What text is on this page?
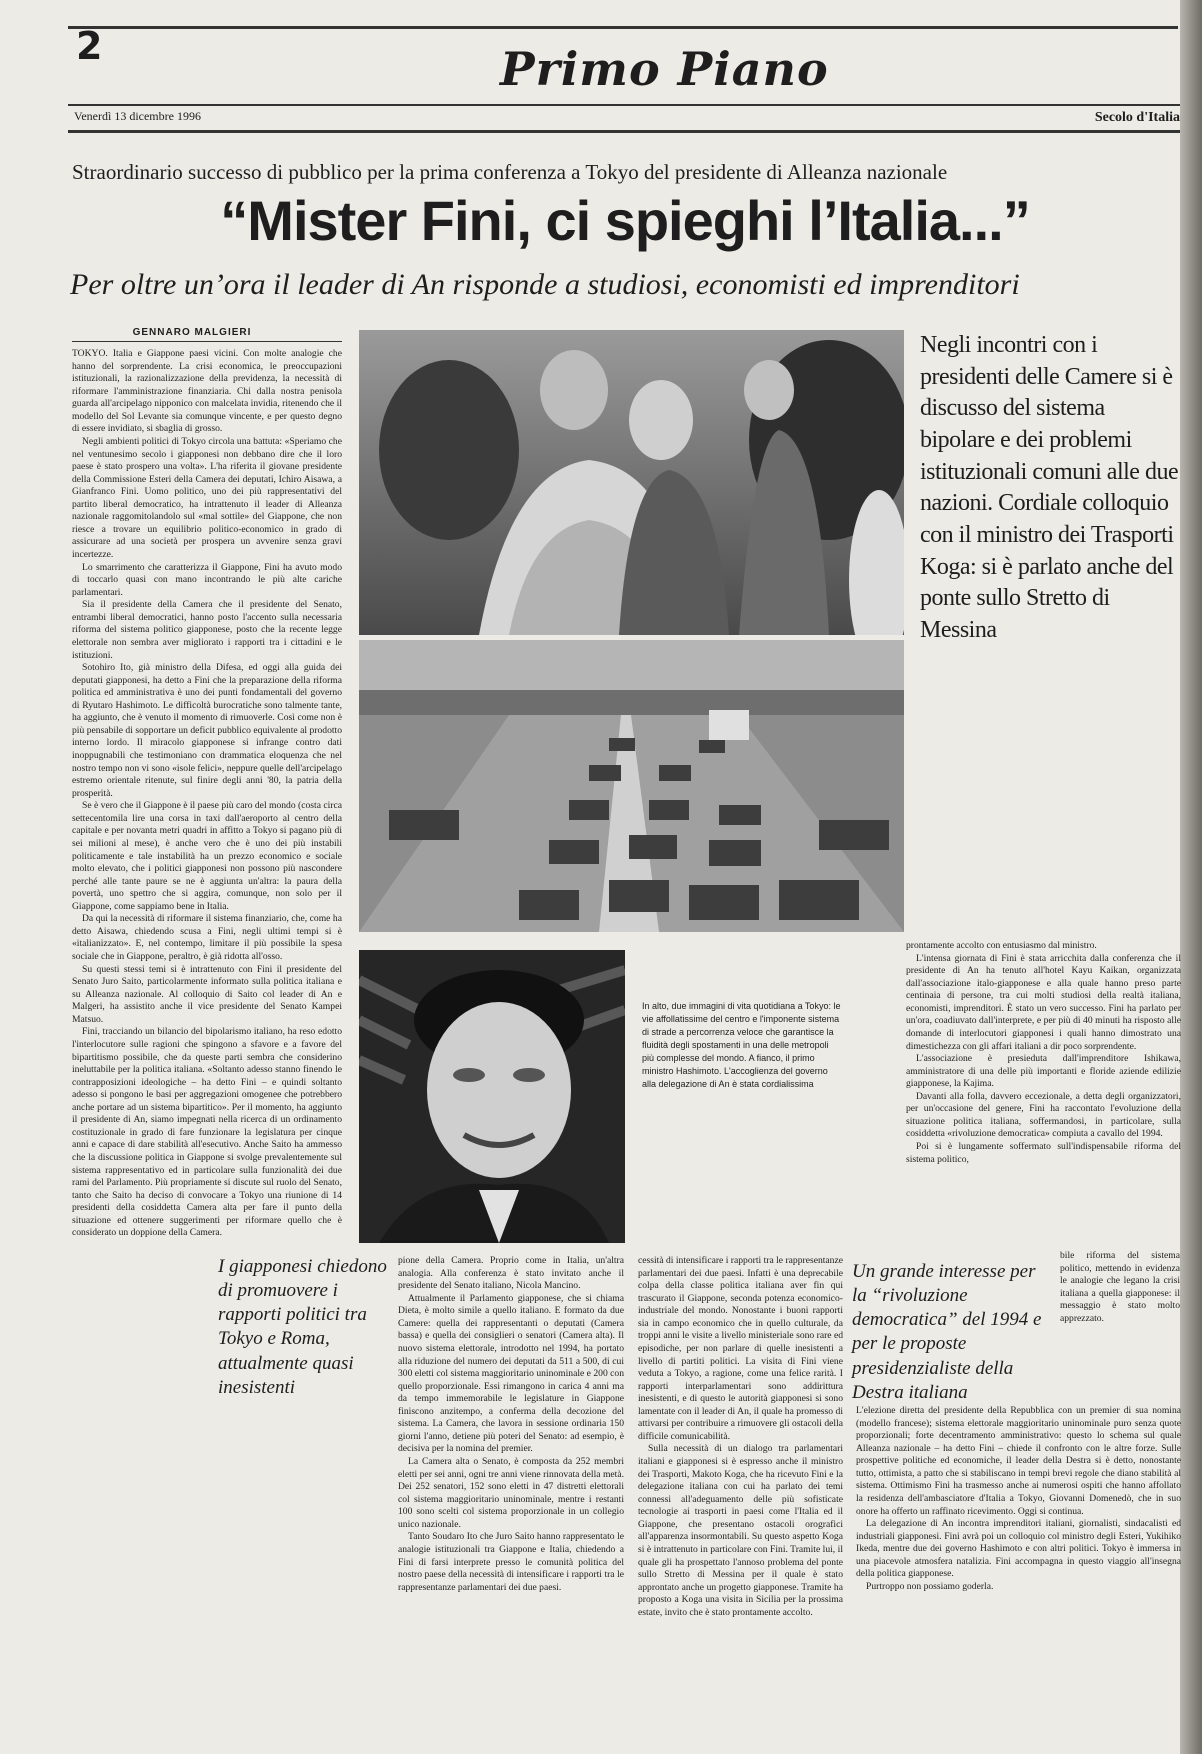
2	Primo Piano
Venerdì 13 dicembre 1996	Secolo d'Italia
Straordinario successo di pubblico per la prima conferenza a Tokyo del presidente di Alleanza nazionale
“Mister Fini, ci spieghi l’Italia...”
Per oltre un’ora il leader di An risponde a studiosi, economisti ed imprenditori
GENNARO MALGIERI

TOKYO. Italia e Giappone paesi vicini. Con molte analogie che hanno del sorprendente. La crisi economica, le preoccupazioni istituzionali, la razionalizzazione della previdenza, la necessità di riformare l'amministrazione finanziaria. Chi dalla nostra penisola guarda all'arcipelago nipponico con malcelata invidia, ritenendo che il modello del Sol Levante sia comunque vincente, e per questo degno di essere invidiato, si sbaglia di grosso.

Negli ambienti politici di Tokyo circola una battuta: «Speriamo che nel ventunesimo secolo i giapponesi non debbano dire che il loro paese è stato prospero una volta». L'ha riferita il giovane presidente della Commissione Esteri della Camera dei deputati, Ichiro Aisawa, a Gianfranco Fini. Uomo politico, uno dei più rappresentativi del partito liberal democratico, ha intrattenuto il leader di Alleanza nazionale raggomitolandolo sul «mal sottile» del Giappone, che non riesce a trovare un equilibrio politico-economico in grado di assicurare ad una società per prospera un avvenire senza gravi incertezze.

Lo smarrimento che caratterizza il Giappone, Fini ha avuto modo di toccarlo quasi con mano incontrando le più alte cariche parlamentari.

Sia il presidente della Camera che il presidente del Senato, entrambi liberal democratici, hanno posto l'accento sulla necessaria riforma del sistema politico giapponese, posto che la recente legge elettorale non sembra aver migliorato i rapporti tra i cittadini e le istituzioni.

Sotohiro Ito, già ministro della Difesa, ed oggi alla guida dei deputati giapponesi, ha detto a Fini che la preparazione della riforma politica ed amministrativa è uno dei punti fondamentali del governo di Ryutaro Hashimoto. Le difficoltà burocratiche sono talmente tante, ha aggiunto, che è venuto il momento di rimuoverle. Così come non è più pensabile di sopportare un deficit pubblico equivalente al prodotto interno lordo. Il miracolo giapponese si infrange contro dati inoppugnabili che testimoniano con drammatica eloquenza che nel nostro tempo non vi sono «isole felici», neppure quelle dell'arcipelago estremo orientale ritenute, sul finire degli anni '80, la patria della prosperità.

Se è vero che il Giappone è il paese più caro del mondo (costa circa settecentomila lire una corsa in taxi dall'aeroporto al centro della capitale e per novanta metri quadri in affitto a Tokyo si pagano più di sei milioni al mese), è anche vero che è uno dei più instabili politicamente e tale instabilità ha un prezzo economico e sociale molto elevato, che i politici giapponesi non possono più nascondere perché alle tante paure se ne è aggiunta un'altra: la paura della povertà, uno spettro che si aggira, comunque, non solo per il Giappone, come sappiamo bene in Italia.

Da qui la necessità di riformare il sistema finanziario, che, come ha detto Aisawa, chiedendo scusa a Fini, negli ultimi tempi si è «italianizzato». E, nel contempo, limitare il più possibile la spesa sociale che in Giappone, peraltro, è già ridotta all'osso.

Su questi stessi temi si è intrattenuto con Fini il presidente del Senato Juro Saito, particolarmente informato sulla politica italiana e su Alleanza nazionale. Al colloquio di Saito col leader di An e Malgeri, ha assistito anche il vice presidente del Senato Kampei Matsuo.

Fini, tracciando un bilancio del bipolarismo italiano, ha reso edotto l'interlocutore sulle ragioni che spingono a sfavore e a favore del bipartitismo possibile, che da queste parti sembra che considerino ineluttabile per la politica italiana. «Soltanto adesso stanno finendo le contrapposizioni ideologiche – ha detto Fini – e quindi soltanto adesso si pongono le basi per aggregazioni omogenee che potrebbero anche portare ad un sistema bipartitico». Per il momento, ha aggiunto il presidente di An, siamo impegnati nella ricerca di un ordinamento costituzionale in grado di fare funzionare la legislatura per cinque anni e capace di dare stabilità all'esecutivo. Anche Saito ha ammesso che la discussione politica in Giappone si svolge prevalentemente sul sistema rappresentativo ed in particolare sulla funzionalità dei due rami del Parlamento. Più propriamente si discute sul ruolo del Senato, tanto che Saito ha deciso di convocare a Tokyo una riunione di 14 presidenti della cosiddetta Camera alta per fare il punto della situazione ed ottenere suggerimenti per riformare quello che è considerato un doppione della Camera.

Negli incontri con i presidenti delle Camere si è discusso del sistema bipolare e dei problemi istituzionali comuni alle due nazioni. Cordiale colloquio con il ministro dei Trasporti Koga: si è parlato anche del ponte sullo Stretto di Messina
In alto, due immagini di vita quotidiana a Tokyo: le vie affollatissime del centro e l'imponente sistema di strade a percorrenza veloce che garantisce la fluidità degli spostamenti in una delle metropoli più complesse del mondo. A fianco, il primo ministro Hashimoto. L'accoglienza del governo alla delegazione di An è stata cordialissima

prontamente accolto con entusiasmo dal ministro.

L'intensa giornata di Fini è stata arricchita dalla conferenza che il presidente di An ha tenuto all'hotel Kayu Kaikan, organizzata dall'associazione italo-giapponese e alla quale hanno preso parte centinaia di persone, tra cui molti studiosi della realtà italiana, economisti, imprenditori. È stato un vero successo. Fini ha parlato per un'ora, coadiuvato dall'interprete, e per più di 40 minuti ha risposto alle domande di interlocutori giapponesi i quali hanno dimostrato una dimestichezza con gli affari italiani a dir poco sorprendente.

L'associazione è presieduta dall'imprenditore Ishikawa, amministratore di una delle più importanti e floride aziende edilizie giapponese, la Kajima.

Davanti alla folla, davvero eccezionale, a detta degli organizzatori, per un'occasione del genere, Fini ha raccontato l'evoluzione della situazione politica italiana, soffermandosi, in particolare, sulla cosiddetta «rivoluzione democratica» compiuta a cavallo del 1994.

Poi si è lungamente soffermato sull'indispensabile riforma del sistema politico,

I giapponesi chiedono di promuovere i rapporti politici tra Tokyo e Roma, attualmente quasi inesistenti

pione della Camera. Proprio come in Italia, un'altra analogia. Alla conferenza è stato invitato anche il presidente del Senato italiano, Nicola Mancino.

Attualmente il Parlamento giapponese, che si chiama Dieta, è molto simile a quello italiano. E formato da due Camere: quella dei rappresentanti o deputati (Camera bassa) e quella dei consiglieri o senatori (Camera alta). Il nuovo sistema elettorale, introdotto nel 1994, ha portato alla riduzione del numero dei deputati da 511 a 500, di cui 300 eletti col sistema maggioritario uninominale e 200 con quello proporzionale. Essi rimangono in carica 4 anni ma da tempo immemorabile le legislature in Giappone finiscono anzitempo, a conferma della decozione del sistema. La Camera, che lavora in sessione ordinaria 150 giorni l'anno, detiene più poteri del Senato: ad esempio, è decisiva per la nomina del premier.

La Camera alta o Senato, è composta da 252 membri eletti per sei anni, ogni tre anni viene rinnovata della metà. Dei 252 senatori, 152 sono eletti in 47 distretti elettorali col sistema maggioritario uninominale, mentre i restanti 100 sono scelti col sistema proporzionale in un collegio unico nazionale.

Tanto Soudaro Ito che Juro Saito hanno rappresentato le analogie istituzionali tra Giappone e Italia, chiedendo a Fini di farsi interprete presso le comunità politica del nostro paese della necessità di intensificare i rapporti tra le rappresentanze parlamentari dei due paesi.

cessità di intensificare i rapporti tra le rappresentanze parlamentari dei due paesi. Infatti è una deprecabile colpa della classe politica italiana aver fin qui trascurato il Giappone, seconda potenza economico-industriale del mondo. Nonostante i buoni rapporti sia in campo economico che in quello culturale, da troppi anni le visite a livello ministeriale sono rare ed episodiche, per non parlare di quelle inesistenti a livello di partiti politici. La visita di Fini viene veduta a Tokyo, a ragione, come una felice rarità. I rapporti interparlamentari sono addirittura inesistenti, e di questo le autorità giapponesi si sono lamentate con il leader di An, il quale ha promesso di attivarsi per contribuire a rimuovere gli ostacoli della difficile comunicabilità.

Sulla necessità di un dialogo tra parlamentari italiani e giapponesi si è espresso anche il ministro dei Trasporti, Makoto Koga, che ha ricevuto Fini e la delegazione italiana con cui ha parlato dei temi connessi all'adeguamento delle più sofisticate tecnologie ai trasporti in paesi come l'Italia ed il Giappone, che presentano ostacoli orografici all'apparenza insormontabili. Su questo aspetto Koga si è intrattenuto in particolare con Fini. Tramite lui, il quale gli ha prospettato l'annoso problema del ponte sullo Stretto di Messina per il quale è stato approntato anche un progetto giapponese. Tramite ha proposto a Koga una visita in Sicilia per la prossima estate, invito che è stato prontamente accolto.

Un grande interesse per la “rivoluzione democratica” del 1994 e per le proposte presidenzialiste della Destra italiana

bile riforma del sistema politico, mettendo in evidenza le analogie che legano la crisi italiana a quella giapponese: il messaggio è stato molto apprezzato.

L'elezione diretta del presidente della Repubblica con un premier di sua nomina (modello francese); sistema elettorale maggioritario uninominale puro senza quote proporzionali; forte decentramento amministrativo: questo lo schema sul quale Alleanza nazionale – ha detto Fini – chiede il confronto con le altre forze. Sulle prospettive politiche ed economiche, il leader della Destra si è detto, nonostante tutto, ottimista, a patto che si stabiliscano in tempi brevi regole che diano stabilità al sistema. Ottimismo Fini ha trasmesso anche ai numerosi ospiti che hanno affollato la residenza dell'ambasciatore d'Italia a Tokyo, Giovanni Domenedò, che in suo onore ha offerto un raffinato ricevimento. Oggi si continua.

La delegazione di An incontra imprenditori italiani, giornalisti, sindacalisti ed industriali giapponesi. Fini avrà poi un colloquio col ministro degli Esteri, Yukihiko Ikeda, mentre due dei governo Hashimoto e con altri politici. Tokyo è immersa in una piacevole atmosfera natalizia. Fini accompagna in questo viaggio all'insegna della politica giapponese.

Purtroppo non possiamo goderla.
